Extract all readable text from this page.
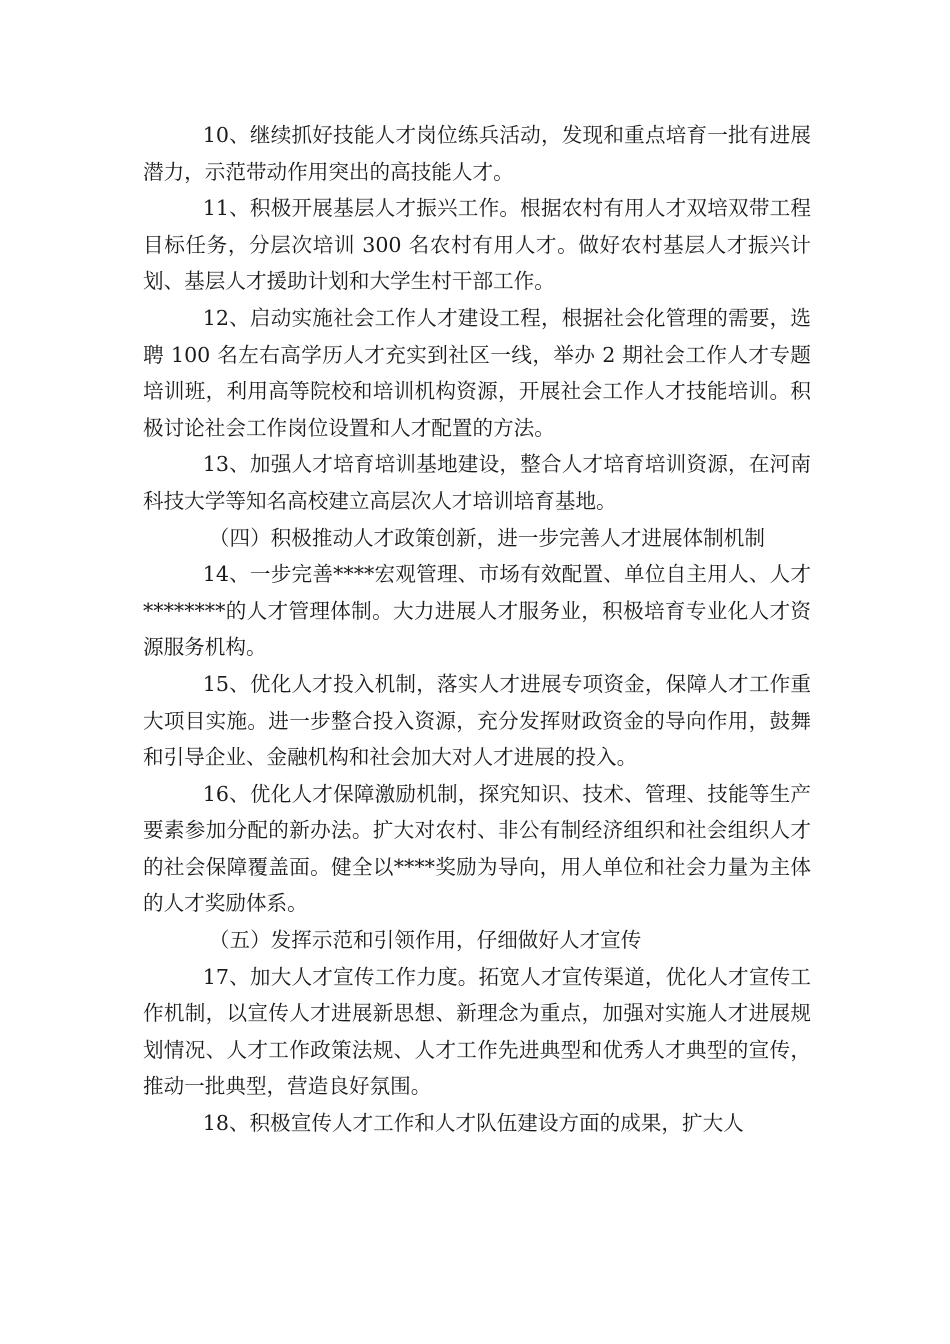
10、继续抓好技能人才岗位练兵活动，发现和重点培育一批有进展潜力，示范带动作用突出的高技能人才。

11、积极开展基层人才振兴工作。根据农村有用人才双培双带工程目标任务，分层次培训 300 名农村有用人才。做好农村基层人才振兴计划、基层人才援助计划和大学生村干部工作。

12、启动实施社会工作人才建设工程，根据社会化管理的需要，选聘 100 名左右高学历人才充实到社区一线，举办 2 期社会工作人才专题培训班，利用高等院校和培训机构资源，开展社会工作人才技能培训。积极讨论社会工作岗位设置和人才配置的方法。

13、加强人才培育培训基地建设，整合人才培育培训资源，在河南科技大学等知名高校建立高层次人才培训培育基地。

（四）积极推动人才政策创新，进一步完善人才进展体制机制

14、一步完善****宏观管理、市场有效配置、单位自主用人、人才********的人才管理体制。大力进展人才服务业，积极培育专业化人才资源服务机构。

15、优化人才投入机制，落实人才进展专项资金，保障人才工作重大项目实施。进一步整合投入资源，充分发挥财政资金的导向作用，鼓舞和引导企业、金融机构和社会加大对人才进展的投入。

16、优化人才保障激励机制，探究知识、技术、管理、技能等生产要素参加分配的新办法。扩大对农村、非公有制经济组织和社会组织人才的社会保障覆盖面。健全以****奖励为导向，用人单位和社会力量为主体的人才奖励体系。

（五）发挥示范和引领作用，仔细做好人才宣传

17、加大人才宣传工作力度。拓宽人才宣传渠道，优化人才宣传工作机制，以宣传人才进展新思想、新理念为重点，加强对实施人才进展规划情况、人才工作政策法规、人才工作先进典型和优秀人才典型的宣传，推动一批典型，营造良好氛围。

18、积极宣传人才工作和人才队伍建设方面的成果，扩大人
